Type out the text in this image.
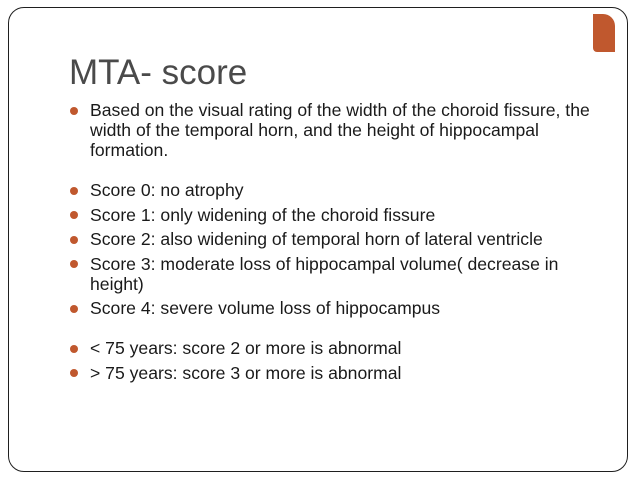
MTA- score
Based on the visual rating of the width of the choroid fissure, the width of the temporal horn, and the height of hippocampal formation.
Score 0: no atrophy
Score 1: only widening of the choroid fissure
Score 2: also widening of temporal horn of lateral ventricle
Score 3: moderate loss of hippocampal volume( decrease in height)
Score 4: severe volume loss of hippocampus
< 75 years: score 2 or more is abnormal
> 75 years: score 3 or more is abnormal
